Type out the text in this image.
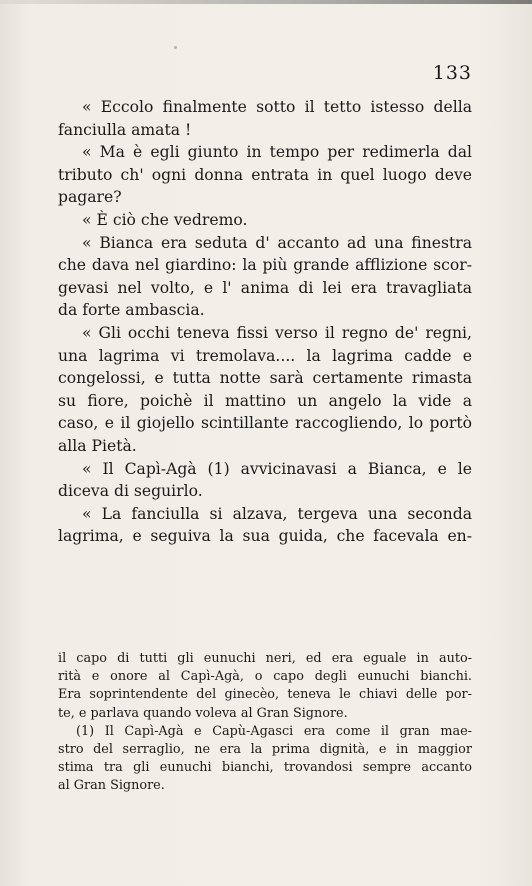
133
« Eccolo finalmente sotto il tetto istesso della
fanciulla amata !
« Ma è egli giunto in tempo per redimerla dal
tributo ch' ogni donna entrata in quel luogo deve
pagare?
« È ciò che vedremo.
« Bianca era seduta d' accanto ad una finestra
che dava nel giardino: la più grande afflizione scor-
gevasi nel volto, e l' anima di lei era travagliata
da forte ambascia.
« Gli occhi teneva fissi verso il regno de' regni,
una lagrima vi tremolava.... la lagrima cadde e
congelossi, e tutta notte sarà certamente rimasta
su fiore, poichè il mattino un angelo la vide a
caso, e il giojello scintillante raccogliendo, lo portò
alla Pietà.
« Il Capì-Agà (1) avvicinavasi a Bianca, e le
diceva di seguirlo.
« La fanciulla si alzava, tergeva una seconda
lagrima, e seguiva la sua guida, che facevala en-
il capo di tutti gli eunuchi neri, ed era eguale in auto-
rità e onore al Capì-Agà, o capo degli eunuchi bianchi.
Era soprintendente del ginecèo, teneva le chiavi delle por-
te, e parlava quando voleva al Gran Signore.
(1) Il Capì-Agà e Capù-Agasci era come il gran mae-
stro del serraglio, ne era la prima dignità, e in maggior
stima tra gli eunuchi bianchi, trovandosi sempre accanto
al Gran Signore.
